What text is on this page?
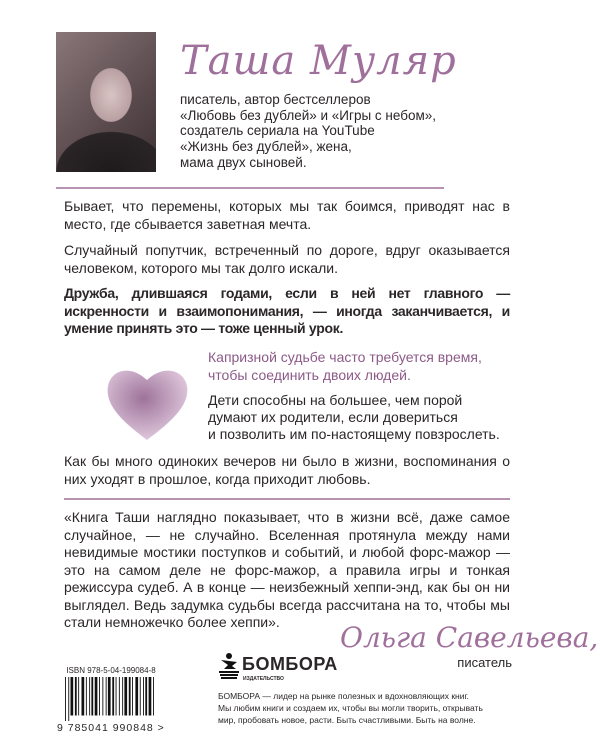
Таша Муляр
писатель, автор бестселлеров
«Любовь без дублей» и «Игры с небом»,
создатель сериала на YouTube
«Жизнь без дублей», жена,
мама двух сыновей.
Бывает, что перемены, которых мы так боимся, приводят нас в место, где сбывается заветная мечта.
Случайный попутчик, встреченный по дороге, вдруг оказывается человеком, которого мы так долго искали.
Дружба, длившаяся годами, если в ней нет главного — искренности и взаимопонимания, — иногда заканчивается, и умение принять это — тоже ценный урок.
Капризной судьбе часто требуется время,
чтобы соединить двоих людей.
Дети способны на большее, чем порой
думают их родители, если довериться
и позволить им по-настоящему повзрослеть.
Как бы много одиноких вечеров ни было в жизни, воспоминания о них уходят в прошлое, когда приходит любовь.
«Книга Таши наглядно показывает, что в жизни всё, даже самое случайное, — не случайно. Вселенная протянула между нами невидимые мостики поступков и событий, и любой форс-мажор — это на самом деле не форс-мажор, а правила игры и тонкая режиссура судеб. А в конце — неизбежный хеппи-энд, как бы он ни выглядел. Ведь задумка судьбы всегда рассчитана на то, чтобы мы стали немножечко более хеппи».	Ольга Савельева,
писатель
ISBN 978-5-04-199084-8
9 785041 990848 >
БОМБОРА
ИЗДАТЕЛЬСТВО
БОМБОРА — лидер на рынке полезных и вдохновляющих книг.
Мы любим книги и создаем их, чтобы вы могли творить, открывать
мир, пробовать новое, расти. Быть счастливыми. Быть на волне.
